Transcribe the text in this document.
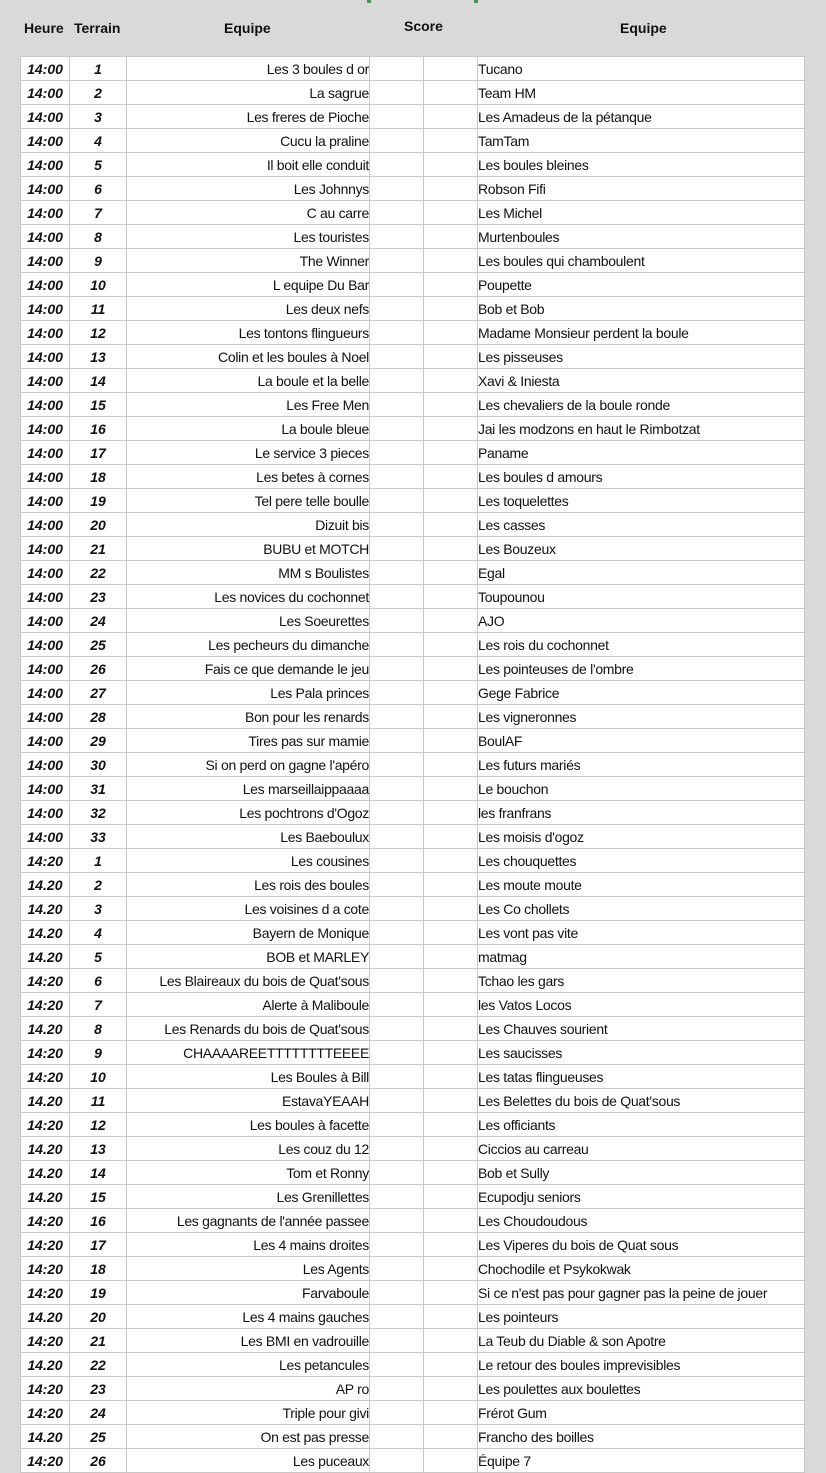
Heure Terrain	Equipe	Score	Equipe
14:00	1	Les 3 boules d or			Tucano
14:00	2	La sagrue			Team HM
14:00	3	Les freres de Pioche			Les Amadeus de la pétanque
14:00	4	Cucu la praline			TamTam
14:00	5	Il boit elle conduit			Les boules bleines
14:00	6	Les Johnnys			Robson Fifi
14:00	7	C au carre			Les Michel
14:00	8	Les touristes			Murtenboules
14:00	9	The Winner			Les boules qui chamboulent
14:00	10	L equipe Du Bar			Poupette
14:00	11	Les deux nefs			Bob et Bob
14:00	12	Les tontons flingueurs			Madame Monsieur perdent la boule
14:00	13	Colin et les boules à Noel			Les pisseuses
14:00	14	La boule et la belle			Xavi & Iniesta
14:00	15	Les Free Men			Les chevaliers de la boule ronde
14:00	16	La boule bleue			Jai les modzons en haut le Rimbotzat
14:00	17	Le service 3 pieces			Paname
14:00	18	Les betes à cornes			Les boules d amours
14:00	19	Tel pere telle boulle			Les toquelettes
14:00	20	Dizuit bis			Les casses
14:00	21	BUBU et MOTCH			Les Bouzeux
14:00	22	MM s Boulistes			Egal
14:00	23	Les novices du cochonnet			Toupounou
14:00	24	Les Soeurettes			AJO
14:00	25	Les pecheurs du dimanche			Les rois du cochonnet
14:00	26	Fais ce que demande le jeu			Les pointeuses de l'ombre
14:00	27	Les Pala princes			Gege Fabrice
14:00	28	Bon pour les renards			Les vigneronnes
14:00	29	Tires pas sur mamie			BoulAF
14:00	30	Si on perd on gagne l'apéro			Les futurs mariés
14:00	31	Les marseillaippaaaa			Le bouchon
14:00	32	Les pochtrons d'Ogoz			les franfrans
14:00	33	Les Baeboulux			Les moisis d'ogoz
14:20	1	Les cousines			Les chouquettes
14.20	2	Les rois des boules			Les moute moute
14.20	3	Les voisines d a cote			Les Co chollets
14.20	4	Bayern de Monique			Les vont pas vite
14.20	5	BOB et MARLEY			matmag
14:20	6	Les Blaireaux du bois de Quat'sous			Tchao les gars
14:20	7	Alerte à Maliboule			les Vatos Locos
14.20	8	Les Renards du bois de Quat'sous			Les Chauves sourient
14:20	9	CHAAAAREETTTTTTTTEEEE			Les saucisses
14:20	10	Les Boules à Bill			Les tatas flingueuses
14.20	11	EstavaYEAAH			Les Belettes du bois de Quat'sous
14:20	12	Les boules à facette			Les officiants
14.20	13	Les couz du 12			Ciccios au carreau
14.20	14	Tom et Ronny			Bob et Sully
14.20	15	Les Grenillettes			Ecupodju seniors
14:20	16	Les gagnants de l'année passee			Les Choudoudous
14:20	17	Les 4 mains droites			Les Viperes du bois de Quat sous
14:20	18	Les Agents			Chochodile et Psykokwak
14:20	19	Farvaboule			Si ce n'est pas pour gagner pas la peine de jouer
14.20	20	Les 4 mains gauches			Les pointeurs
14:20	21	Les BMI en vadrouille			La Teub du Diable & son Apotre
14.20	22	Les petancules			Le retour des boules imprevisibles
14:20	23	AP ro			Les poulettes aux boulettes
14:20	24	Triple pour givi			Frérot Gum
14.20	25	On est pas presse			Francho des boilles
14:20	26	Les puceaux			Équipe 7
